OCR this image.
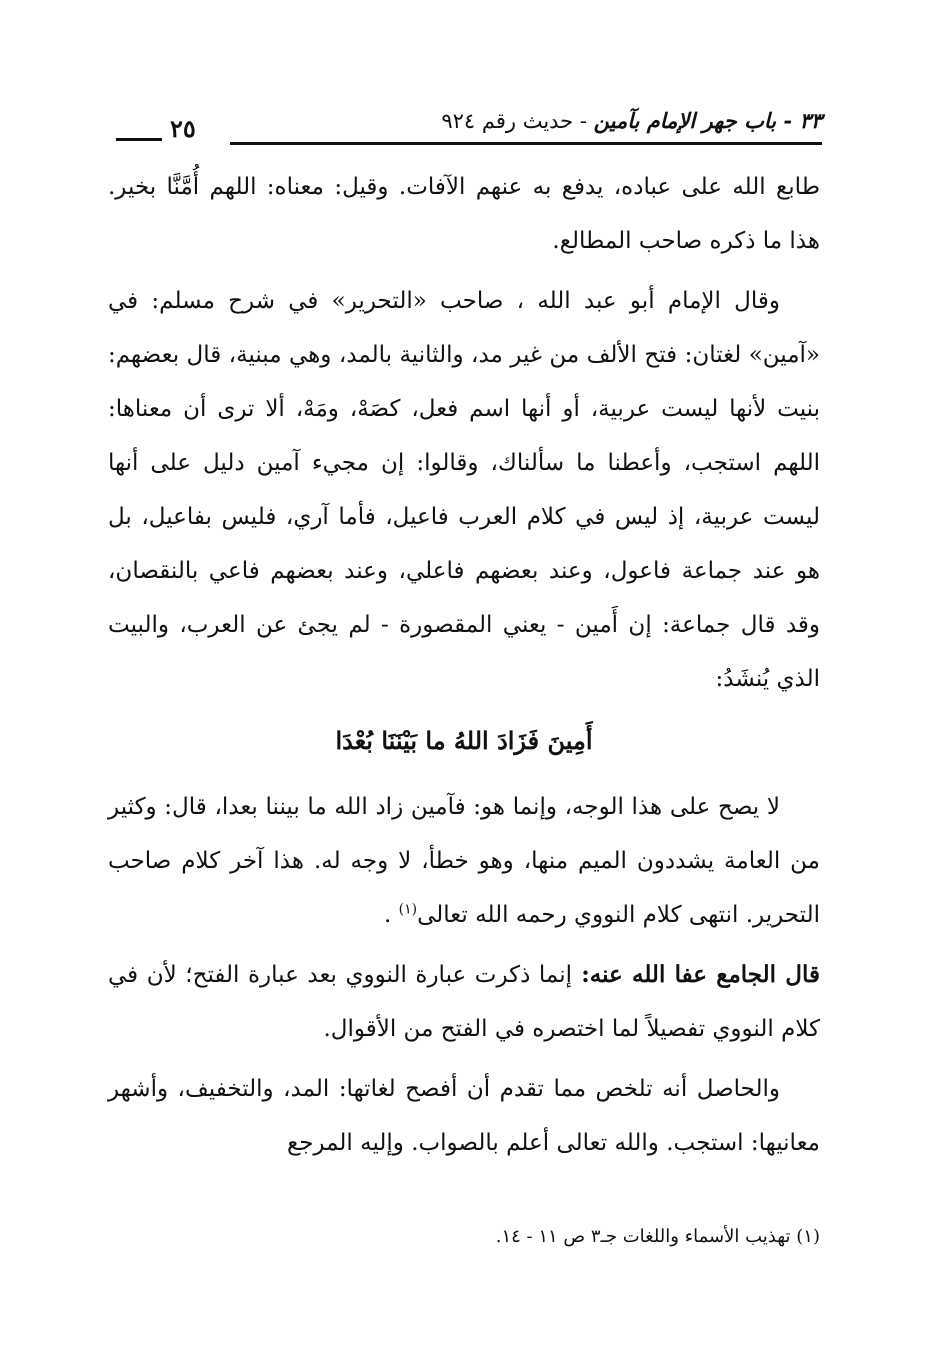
٣٣ - باب جهر الإمام بآمين - حديث رقم ٩٢٤
٢٥

طابع الله على عباده، يدفع به عنهم الآفات. وقيل: معناه: اللهم أُمَّنَّا بخير. هذا ما ذكره صاحب المطالع.

وقال الإمام أبو عبد الله ، صاحب «التحرير» في شرح مسلم: في «آمين» لغتان: فتح الألف من غير مد، والثانية بالمد، وهي مبنية، قال بعضهم: بنيت لأنها ليست عربية، أو أنها اسم فعل، كصَهْ، ومَهْ، ألا ترى أن معناها: اللهم استجب، وأعطنا ما سألناك، وقالوا: إن مجيء آمين دليل على أنها ليست عربية، إذ ليس في كلام العرب فاعيل، فأما آري، فليس بفاعيل، بل هو عند جماعة فاعول، وعند بعضهم فاعلي، وعند بعضهم فاعي بالنقصان، وقد قال جماعة: إن أَمين - يعني المقصورة - لم يجئ عن العرب، والبيت الذي يُنشَدُ:

أَمِينَ فَزَادَ اللهُ ما بَيْنَنَا بُعْدَا

لا يصح على هذا الوجه، وإنما هو: فآمين زاد الله ما بيننا بعدا، قال: وكثير من العامة يشددون الميم منها، وهو خطأ، لا وجه له. هذا آخر كلام صاحب التحرير. انتهى كلام النووي رحمه الله تعالى$^{(١)}$ .

قال الجامع عفا الله عنه: إنما ذكرت عبارة النووي بعد عبارة الفتح؛ لأن في كلام النووي تفصيلاً لما اختصره في الفتح من الأقوال.

والحاصل أنه تلخص مما تقدم أن أفصح لغاتها: المد، والتخفيف، وأشهر معانيها: استجب. والله تعالى أعلم بالصواب. وإليه المرجع

(١) تهذيب الأسماء واللغات جـ٣ ص ١١ - ١٤.
